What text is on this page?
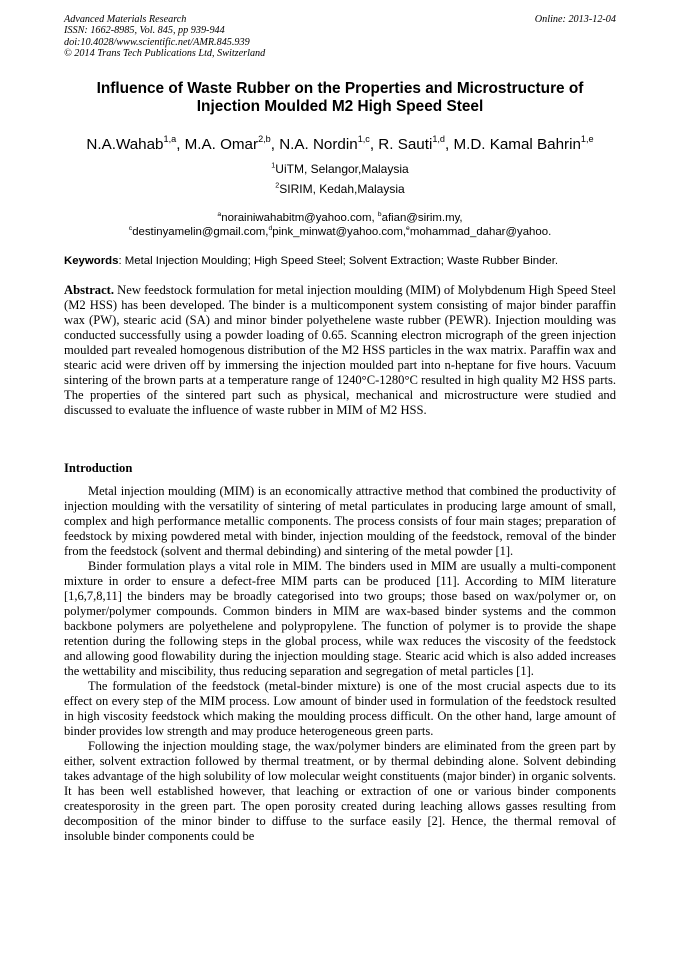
Advanced Materials Research
ISSN: 1662-8985, Vol. 845, pp 939-944
doi:10.4028/www.scientific.net/AMR.845.939
© 2014 Trans Tech Publications Ltd, Switzerland
Online: 2013-12-04
Influence of Waste Rubber on the Properties and Microstructure of
Injection Moulded M2 High Speed Steel
N.A.Wahab$^{1,a}$, M.A. Omar$^{2,b}$, N.A. Nordin$^{1,c}$, R. Sauti$^{1,d}$, M.D. Kamal Bahrin$^{1,e}$
$^1$UiTM, Selangor,Malaysia
$^2$SIRIM, Kedah,Malaysia
$^a$norainiwahabitm@yahoo.com, $^b$afian@sirim.my,
$^c$destinyamelin@gmail.com,$^d$pink_minwat@yahoo.com,$^e$mohammad_dahar@yahoo.
Keywords: Metal Injection Moulding; High Speed Steel; Solvent Extraction; Waste Rubber Binder.
Abstract. New feedstock formulation for metal injection moulding (MIM) of Molybdenum High Speed Steel (M2 HSS) has been developed. The binder is a multicomponent system consisting of major binder paraffin wax (PW), stearic acid (SA) and minor binder polyethelene waste rubber (PEWR). Injection moulding was conducted successfully using a powder loading of 0.65. Scanning electron micrograph of the green injection moulded part revealed homogenous distribution of the M2 HSS particles in the wax matrix. Paraffin wax and stearic acid were driven off by immersing the injection moulded part into n-heptane for five hours. Vacuum sintering of the brown parts at a temperature range of 1240°C-1280°C resulted in high quality M2 HSS parts. The properties of the sintered part such as physical, mechanical and microstructure were studied and discussed to evaluate the influence of waste rubber in MIM of M2 HSS.
Introduction

Metal injection moulding (MIM) is an economically attractive method that combined the productivity of injection moulding with the versatility of sintering of metal particulates in producing large amount of small, complex and high performance metallic components. The process consists of four main stages; preparation of feedstock by mixing powdered metal with binder, injection moulding of the feedstock, removal of the binder from the feedstock (solvent and thermal debinding) and sintering of the metal powder [1].

Binder formulation plays a vital role in MIM. The binders used in MIM are usually a multi-component mixture in order to ensure a defect-free MIM parts can be produced [11]. According to MIM literature [1,6,7,8,11] the binders may be broadly categorised into two groups; those based on wax/polymer or, on polymer/polymer compounds. Common binders in MIM are wax-based binder systems and the common backbone polymers are polyethelene and polypropylene. The function of polymer is to provide the shape retention during the following steps in the global process, while wax reduces the viscosity of the feedstock and allowing good flowability during the injection moulding stage. Stearic acid which is also added increases the wettability and miscibility, thus reducing separation and segregation of metal particles [1].

The formulation of the feedstock (metal-binder mixture) is one of the most crucial aspects due to its effect on every step of the MIM process. Low amount of binder used in formulation of the feedstock resulted in high viscosity feedstock which making the moulding process difficult. On the other hand, large amount of binder provides low strength and may produce heterogeneous green parts.

Following the injection moulding stage, the wax/polymer binders are eliminated from the green part by either, solvent extraction followed by thermal treatment, or by thermal debinding alone. Solvent debinding takes advantage of the high solubility of low molecular weight constituents (major binder) in organic solvents. It has been well established however, that leaching or extraction of one or various binder components createsporosity in the green part. The open porosity created during leaching allows gasses resulting from decomposition of the minor binder to diffuse to the surface easily [2]. Hence, the thermal removal of insoluble binder components could be
